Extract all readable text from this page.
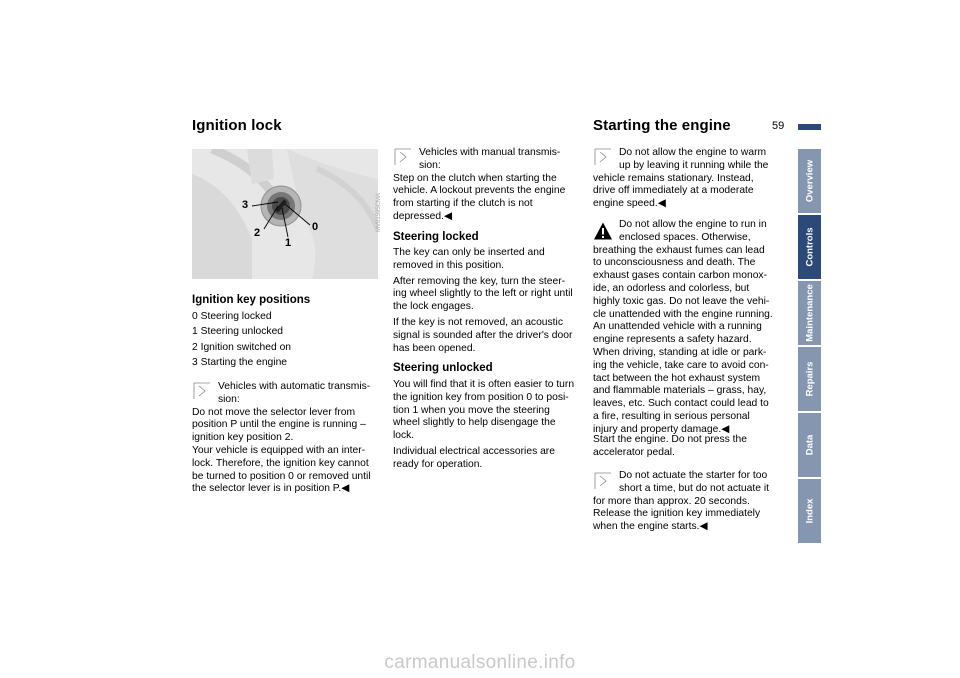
59
Ignition lock
3
2
1
0	MV01595CMA
Ignition key positions
0 Steering locked
1 Steering unlocked
2 Ignition switched on
3 Starting the engine
Vehicles with automatic transmis-
sion:
Do not move the selector lever from
position P until the engine is running –
ignition key position 2.
Your vehicle is equipped with an inter-
lock. Therefore, the ignition key cannot
be turned to position 0 or removed until
the selector lever is in position P.◀
Vehicles with manual transmis-
sion:
Step on the clutch when starting the
vehicle. A lockout prevents the engine
from starting if the clutch is not
depressed.◀
Steering locked
The key can only be inserted and
removed in this position.
After removing the key, turn the steer-
ing wheel slightly to the left or right until
the lock engages.
If the key is not removed, an acoustic
signal is sounded after the driver's door
has been opened.
Steering unlocked
You will find that it is often easier to turn
the ignition key from position 0 to posi-
tion 1 when you move the steering
wheel slightly to help disengage the
lock.
Individual electrical accessories are
ready for operation.
Starting the engine
Do not allow the engine to warm
up by leaving it running while the
vehicle remains stationary. Instead,
drive off immediately at a moderate
engine speed.◀
Do not allow the engine to run in
enclosed spaces. Otherwise,
breathing the exhaust fumes can lead
to unconsciousness and death. The
exhaust gases contain carbon monox-
ide, an odorless and colorless, but
highly toxic gas. Do not leave the vehi-
cle unattended with the engine running.
An unattended vehicle with a running
engine represents a safety hazard.
When driving, standing at idle or park-
ing the vehicle, take care to avoid con-
tact between the hot exhaust system
and flammable materials – grass, hay,
leaves, etc. Such contact could lead to
a fire, resulting in serious personal
injury and property damage.◀
Start the engine. Do not press the
accelerator pedal.
Do not actuate the starter for too
short a time, but do not actuate it
for more than approx. 20 seconds.
Release the ignition key immediately
when the engine starts.◀
Overview
Controls
Maintenance
Repairs
Data
Index
carmanualsonline.info
